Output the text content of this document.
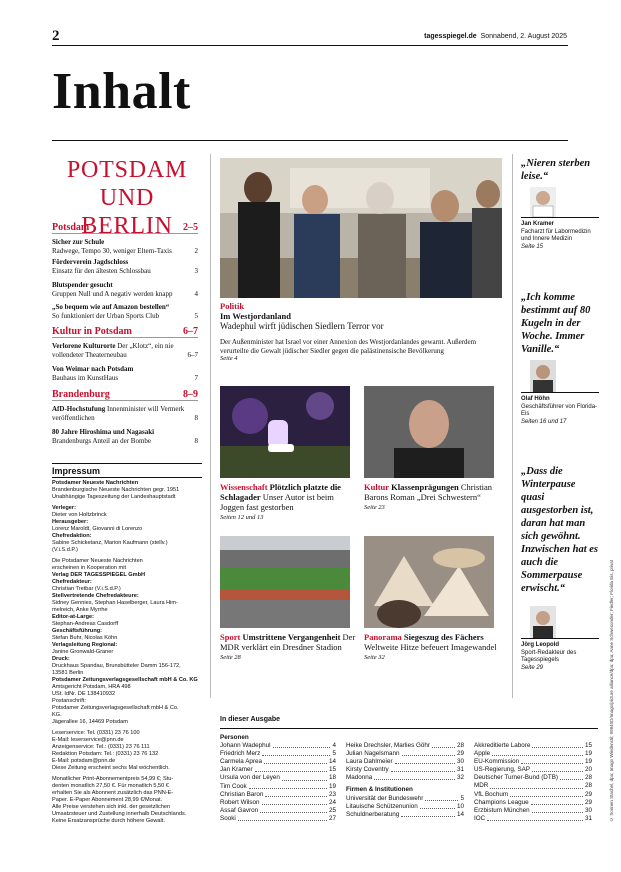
2	tagesspiegel.de Sonnabend, 2. August 2025
Inhalt
POTSDAM
UND BERLIN
Potsdam	2–5
Sicher zur Schule
Radwege, Tempo 30, weniger Eltern-Taxis	2
Förderverein Jagdschloss
Einsatz für den ältesten Schlossbau	3
Blutspender gesucht
Gruppen Null und A negativ werden knapp	4
„So bequem wie auf Amazon bestellen“
So funktioniert der Urban Sports Club	5
Kultur in Potsdam	6–7
Verlorene Kulturorte Der „Klotz“, ein nie vollendeter Theaterneubau	6–7
Von Weimar nach Potsdam
Bauhaus im KunstHaus	7
Brandenburg	8–9
AfD-Hochstufung Innenminister will Vermerk veröffentlichen	8
80 Jahre Hiroshima und Nagasaki
Brandenburgs Anteil an der Bombe	8
Impressum

Potsdamer Neueste Nachrichten

Brandenburgische Neueste Nachrichten gegr. 1951

Unabhängige Tageszeitung der Landeshauptstadt

Verleger:

Dieter von Holtzbrinck

Herausgeber:

Lorenz Maroldt, Giovanni di Lorenzo

Chefredaktion:

Sabine Schicketanz, Marion Kaufmann (stellv.)

(V.i.S.d.P.)

Die Potsdamer Neueste Nachrichten

erscheinen in Kooperation mit

Verlag DER TAGESSPIEGEL GmbH

Chefredakteur:

Christian Tretbar (V.i.S.d.P.)

Stellvertretende Chefredakteure:

Sidney Gennies, Stephan Haselberger, Laura Him-

melreich, Anke Myrrhe

Editor-at-Large:

Stephan-Andreas Casdorff

Geschäftsführung:

Stefan Buhr, Nicolas Köhn

Verlagsleitung Regional:

Janine Gronwald-Graner

Druck:

Druckhaus Spandau, Brunsbütteler Damm 156-172,

13581 Berlin

Potsdamer Zeitungsverlagsgesellschaft mbH & Co. KG

Amtsgericht Potsdam, HRA 498

USt. IdNr. DE 138410932

Postanschrift:

Potsdamer Zeitungsverlagsgesellschaft mbH & Co.

KG.

Jägerallee 16, 14469 Potsdam

Leserservice: Tel. (0331) 23 76 100

E-Mail: leserservice@pnn.de

Anzeigenservice: Tel.: (0331) 23 76 111

Redaktion Potsdam: Tel.: (0331) 23 76 132

E-Mail: potsdam@pnn.de

Diese Zeitung erscheint sechs Mal wöchentlich.

Monatlicher Print-Abonnementpreis 54,99 €; Stu-

denten monatlich 27,50 €. Für monatlich 5,50 €

erhalten Sie als Abonnent zusätzlich das PNN-E-

Paper. E-Paper Abonnement 28,99 €/Monat.

Alle Preise verstehen sich inkl. der gesetzlichen

Umsatzsteuer und Zustellung innerhalb Deutschlands.

Keine Ersatzansprüche durch höhere Gewalt.

Politik
Im Westjordanland
Wadephul wirft jüdischen Siedlern Terror vor
Der Außenminister hat Israel vor einer Annexion des Westjordanlandes gewarnt. Außerdem verurteilte die Gewalt jüdischer Siedler gegen die palästinensische Bevölkerung
Seite 4
Wissenschaft Plötzlich platzte die Schlagader Unser Autor ist beim Joggen fast gestorben
Seiten 12 und 13
Kultur Klassenprägungen Christian Barons Roman „Drei Schwestern“
Seite 23
Sport Umstrittene Vergangenheit Der MDR verklärt ein Dresdner Stadion
Seite 28
Panorama Siegeszug des Fächers Weltweite Hitze befeuert Imagewandel
Seite 32
„Nieren sterben leise.“
Jan Kramer
Facharzt für Labormedizin und Innere Medizin
Seite 15
„Ich komme bestimmt auf 80 Kugeln in der Woche. Immer Vanille.“
Olaf Höhn
Geschäftsführer von Florida-Eis
Seiten 16 und 17
„Dass die Winterpause quasi ausgestorben ist, daran hat man sich gewöhnt. Inzwischen hat es auch die Sommerpause erwischt.“
Jörg Leopold
Sport-Redakteur des Tagesspiegels
Seite 29
In dieser Ausgabe
Personen
Johann Wadephul	4
Friedrich Merz	5
Carmela Aprea	14
Jan Kramer	15
Ursula von der Leyen	18
Tim Cook	19
Christian Baron	23
Robert Wilson	24
Assaf Gavron	25
Sooki	27
Heike Drechsler, Marlies Göhr	28
Julian Nagelsmann	29
Laura Dahlmeier	30
Kirsty Coventry	31
Madonna	32
Firmen & Institutionen
Universität der Bundeswehr	5
Litauische Schützenunion	10
Schuldnerberatung	14
Akkreditierte Labore	15
Apple	19
EU-Kommission	19
US-Regierung, SAP	20
Deutscher Turner-Bund (DTB)	28
MDR	28
VfL Bochum	29
Champions League	29
Erzbistum München	30
IOC	31	© Sonnen Stachel, dpa; Imago Wiedenstil; 99840D/Imago/picture alliance/dpa; dpa; Anne Schwesonder; Fiedler; Florida Eis, privat
